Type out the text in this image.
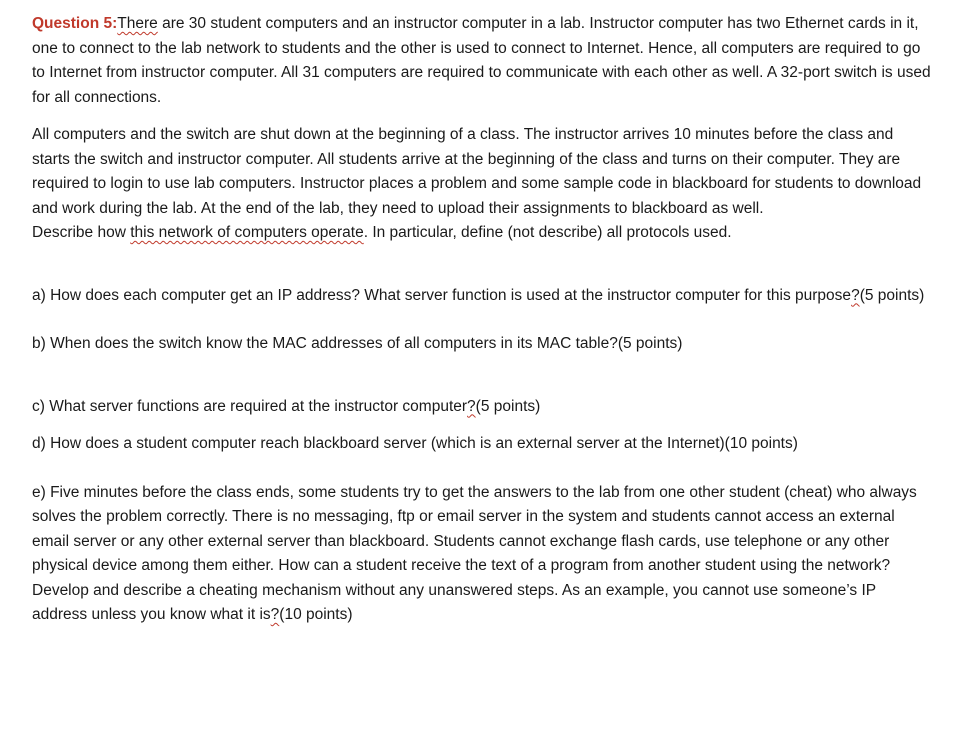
Question 5:There are 30 student computers and an instructor computer in a lab. Instructor computer has two Ethernet cards in it, one to connect to the lab network to students and the other is used to connect to Internet. Hence, all computers are required to go to Internet from instructor computer. All 31 computers are required to communicate with each other as well. A 32-port switch is used for all connections.

All computers and the switch are shut down at the beginning of a class. The instructor arrives 10 minutes before the class and starts the switch and instructor computer. All students arrive at the beginning of the class and turns on their computer. They are required to login to use lab computers. Instructor places a problem and some sample code in blackboard for students to download and work during the lab. At the end of the lab, they need to upload their assignments to blackboard as well.

Describe how this network of computers operate. In particular, define (not describe) all protocols used.

a) How does each computer get an IP address? What server function is used at the instructor computer for this purpose?(5 points)

b) When does the switch know the MAC addresses of all computers in its MAC table?(5 points)

c) What server functions are required at the instructor computer?(5 points)

d) How does a student computer reach blackboard server (which is an external server at the Internet)(10 points)

e) Five minutes before the class ends, some students try to get the answers to the lab from one other student (cheat) who always solves the problem correctly. There is no messaging, ftp or email server in the system and students cannot access an external email server or any other external server than blackboard. Students cannot exchange flash cards, use telephone or any other physical device among them either. How can a student receive the text of a program from another student using the network? Develop and describe a cheating mechanism without any unanswered steps. As an example, you cannot use someone’s IP address unless you know what it is?(10 points)
